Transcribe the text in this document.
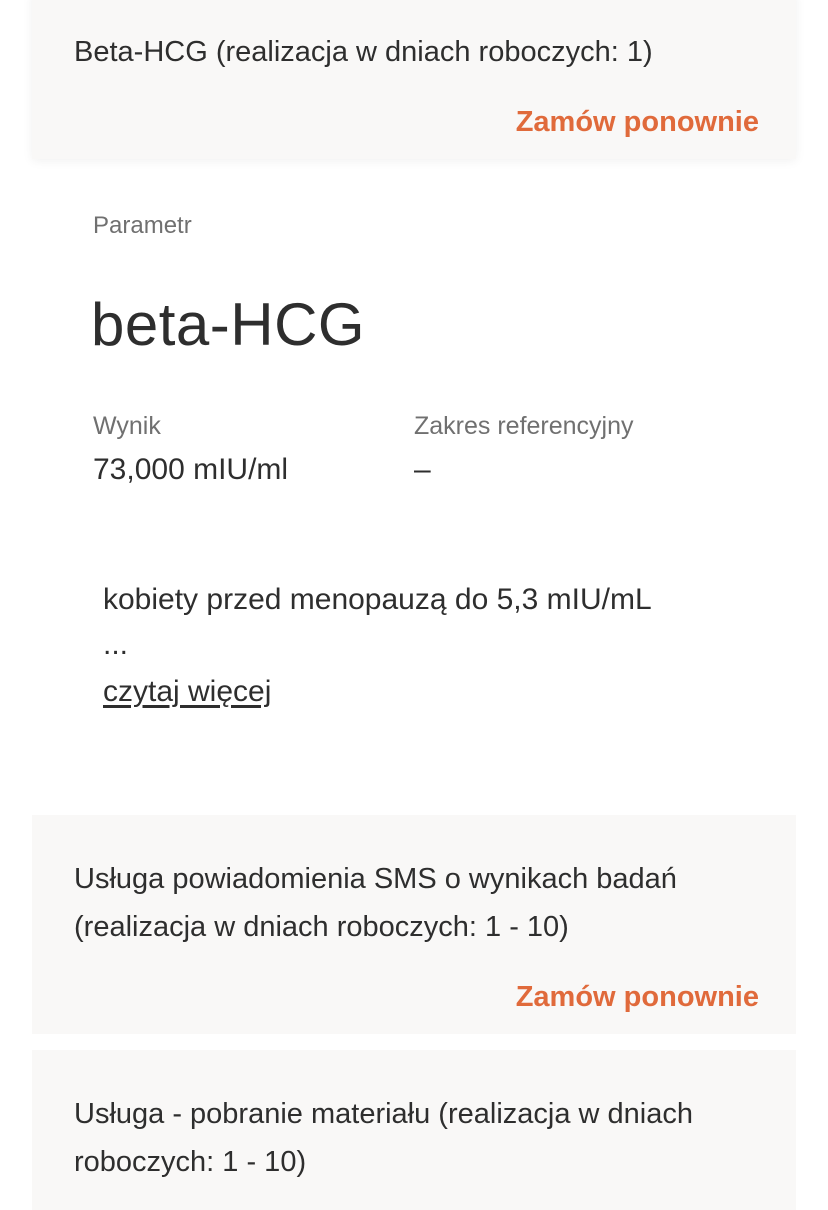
Beta-HCG (realizacja w dniach roboczych: 1)
Zamów ponownie
Parametr
beta-HCG
Wynik
73,000 mIU/ml
Zakres referencyjny
–
kobiety przed menopauzą do 5,3 mIU/mL
...
czytaj więcej
Usługa powiadomienia SMS o wynikach badań (realizacja w dniach roboczych: 1 - 10)
Zamów ponownie
Usługa - pobranie materiału (realizacja w dniach roboczych: 1 - 10)
